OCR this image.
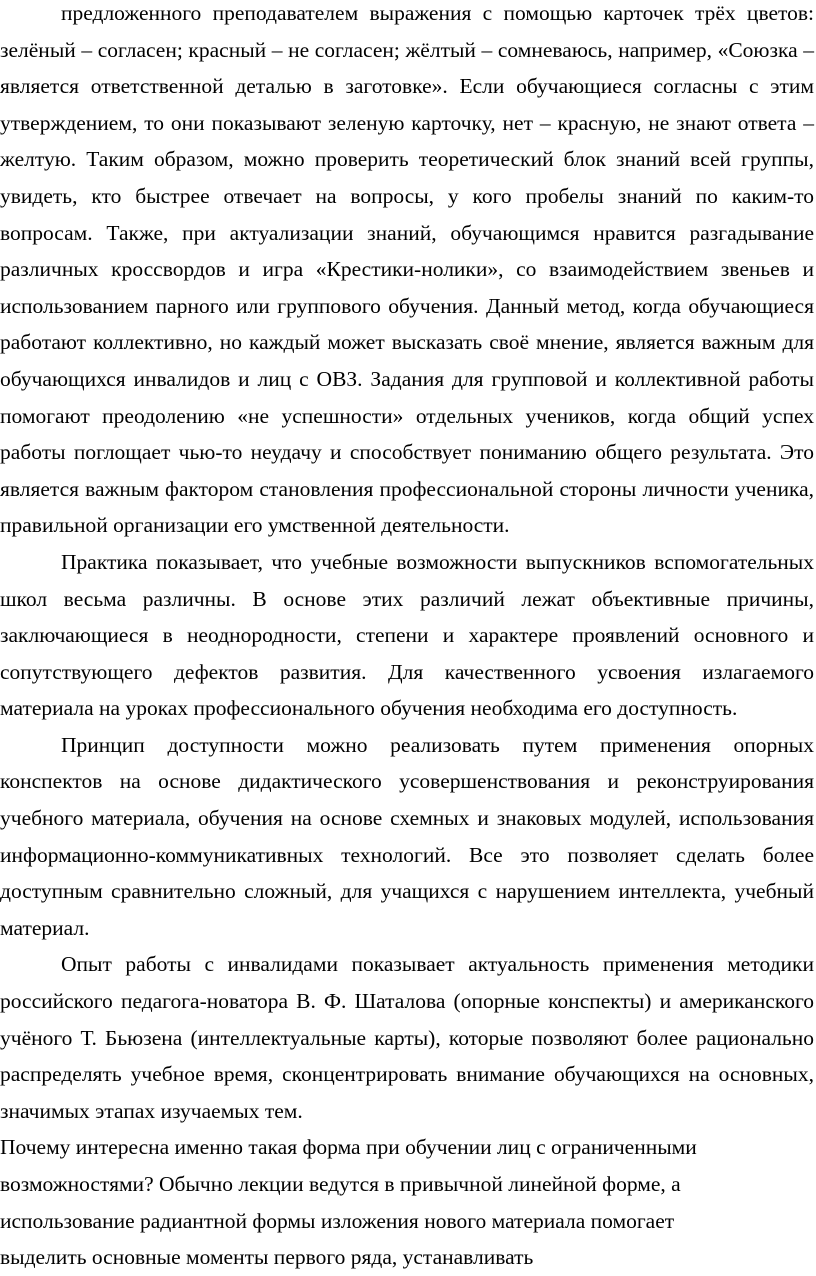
предложенного преподавателем выражения с помощью карточек трёх цветов: зелёный – согласен; красный – не согласен; жёлтый – сомневаюсь, например, «Союзка – является ответственной деталью в заготовке». Если обучающиеся согласны с этим утверждением, то они показывают зеленую карточку, нет – красную, не знают ответа – желтую. Таким образом, можно проверить теоретический блок знаний всей группы, увидеть, кто быстрее отвечает на вопросы, у кого пробелы знаний по каким-то вопросам. Также, при актуализации знаний, обучающимся нравится разгадывание различных кроссвордов и игра «Крестики-нолики», со взаимодействием звеньев и использованием парного или группового обучения. Данный метод, когда обучающиеся работают коллективно, но каждый может высказать своё мнение, является важным для обучающихся инвалидов и лиц с ОВЗ. Задания для групповой и коллективной работы помогают преодолению «не успешности» отдельных учеников, когда общий успех работы поглощает чью-то неудачу и способствует пониманию общего результата. Это является важным фактором становления профессиональной стороны личности ученика, правильной организации его умственной деятельности.

Практика показывает, что учебные возможности выпускников вспомогательных школ весьма различны. В основе этих различий лежат объективные причины, заключающиеся в неоднородности, степени и характере проявлений основного и сопутствующего дефектов развития. Для качественного усвоения излагаемого материала на уроках профессионального обучения необходима его доступность.

Принцип доступности можно реализовать путем применения опорных конспектов на основе дидактического усовершенствования и реконструирования учебного материала, обучения на основе схемных и знаковых модулей, использования информационно-коммуникативных технологий. Все это позволяет сделать более доступным сравнительно сложный, для учащихся с нарушением интеллекта, учебный материал.

Опыт работы с инвалидами показывает актуальность применения методики российского педагога-новатора В. Ф. Шаталова (опорные конспекты) и американского учёного Т. Бьюзена (интеллектуальные карты), которые позволяют более рационально распределять учебное время, сконцентрировать внимание обучающихся на основных, значимых этапах изучаемых тем.

Почему интересна именно такая форма при обучении лиц с ограниченными
возможностями? Обычно лекции ведутся в привычной линейной форме, а
использование радиантной формы изложения нового материала помогает
выделить основные моменты первого ряда, устанавливать
